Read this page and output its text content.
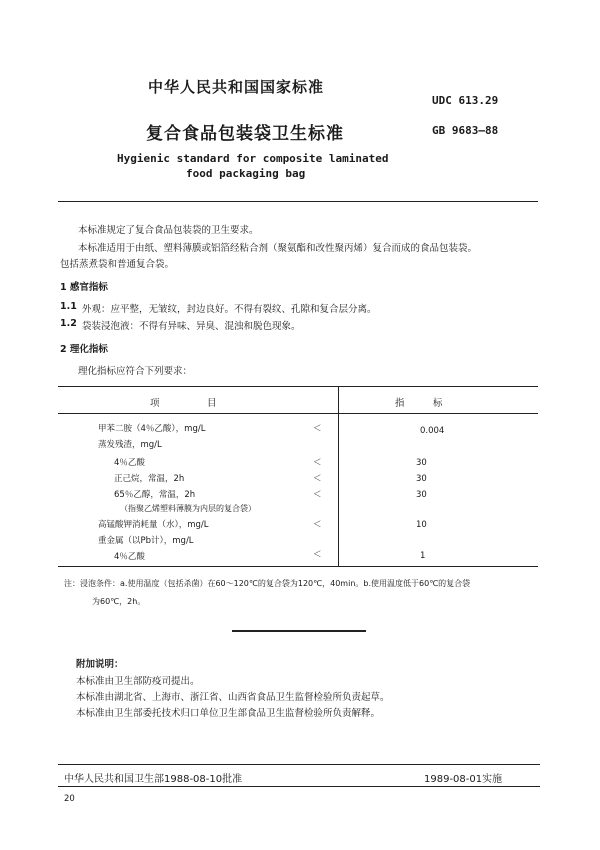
中华人民共和国国家标准
UDC 613.29
复合食品包装袋卫生标准	GB 9683—88
Hygienic standard for composite laminated
food packaging bag
本标准规定了复合食品包装袋的卫生要求。
本标准适用于由纸、塑料薄膜或铝箔经粘合剂（聚氨酯和改性聚丙烯）复合而成的食品包装袋。
包括蒸煮袋和普通复合袋。
1 感官指标
1.1 外观：应平整，无皱纹，封边良好。不得有裂纹、孔隙和复合层分离。
1.2 袋装浸泡液：不得有异味、异臭、混浊和脱色现象。
2 理化指标
理化指标应符合下列要求：
项　　　　　目	指　　　标
甲苯二胺（4％乙酸），mg/L	＜	0.004
蒸发残渣，mg/L
4％乙酸	＜	30
正己烷，常温，2h	＜	30
65％乙醇，常温，2h	＜	30
（指聚乙烯塑料薄膜为内层的复合袋）
高锰酸钾消耗量（水），mg/L	＜	10
重金属（以Pb计），mg/L
4％乙酸	＜	1
注：浸泡条件：a.使用温度（包括杀菌）在60～120℃的复合袋为120℃，40min。b.使用温度低于60℃的复合袋
为60℃，2h。
附加说明：
本标准由卫生部防疫司提出。
本标准由湖北省、上海市、浙江省、山西省食品卫生监督检验所负责起草。
本标准由卫生部委托技术归口单位卫生部食品卫生监督检验所负责解释。
中华人民共和国卫生部1988-08-10批准	1989-08-01实施
20
